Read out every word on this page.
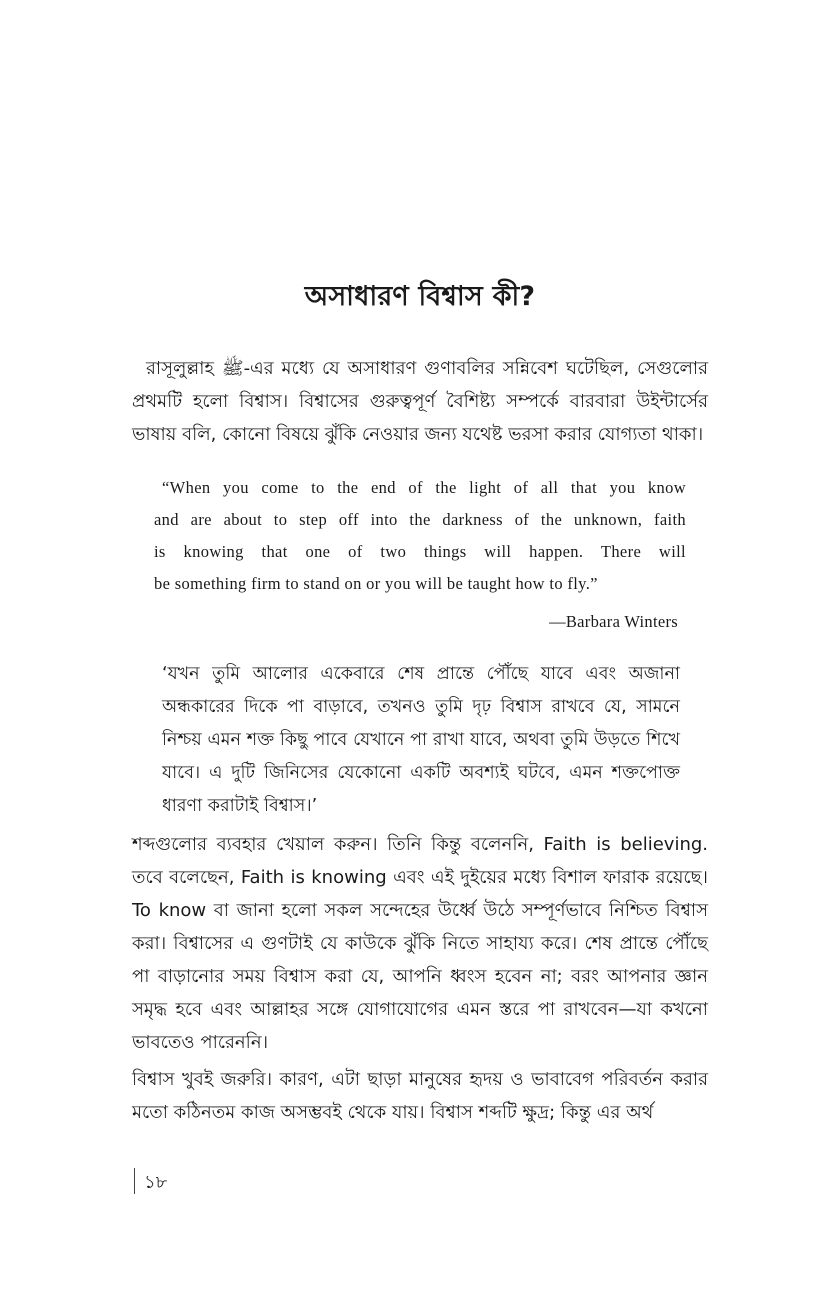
অসাধারণ বিশ্বাস কী?

রাসূলুল্লাহ ﷺ-এর মধ্যে যে অসাধারণ গুণাবলির সন্নিবেশ ঘটেছিল, সেগুলোর প্রথমটি হলো বিশ্বাস। বিশ্বাসের গুরুত্বপূর্ণ বৈশিষ্ট্য সম্পর্কে বারবারা উইন্টার্সের ভাষায় বলি, কোনো বিষয়ে ঝুঁকি নেওয়ার জন্য যথেষ্ট ভরসা করার যোগ্যতা থাকা।

“When you come to the end of the light of all that you know
and are about to step off into the darkness of the unknown, faith
is knowing that one of two things will happen. There will
be something firm to stand on or you will be taught how to fly.”

—Barbara Winters

‘যখন তুমি আলোর একেবারে শেষ প্রান্তে পৌঁছে যাবে এবং অজানা অন্ধকারের দিকে পা বাড়াবে, তখনও তুমি দৃঢ় বিশ্বাস রাখবে যে, সামনে নিশ্চয় এমন শক্ত কিছু পাবে যেখানে পা রাখা যাবে, অথবা তুমি উড়তে শিখে যাবে। এ দুটি জিনিসের যেকোনো একটি অবশ্যই ঘটবে, এমন শক্তপোক্ত ধারণা করাটাই বিশ্বাস।’

শব্দগুলোর ব্যবহার খেয়াল করুন। তিনি কিন্তু বলেননি, Faith is believing. তবে বলেছেন, Faith is knowing এবং এই দুইয়ের মধ্যে বিশাল ফারাক রয়েছে। To know বা জানা হলো সকল সন্দেহের উর্ধ্বে উঠে সম্পূর্ণভাবে নিশ্চিত বিশ্বাস করা। বিশ্বাসের এ গুণটাই যে কাউকে ঝুঁকি নিতে সাহায্য করে। শেষ প্রান্তে পৌঁছে পা বাড়ানোর সময় বিশ্বাস করা যে, আপনি ধ্বংস হবেন না; বরং আপনার জ্ঞান সমৃদ্ধ হবে এবং আল্লাহর সঙ্গে যোগাযোগের এমন স্তরে পা রাখবেন—যা কখনো ভাবতেও পারেননি।

বিশ্বাস খুবই জরুরি। কারণ, এটা ছাড়া মানুষের হৃদয় ও ভাবাবেগ পরিবর্তন করার মতো কঠিনতম কাজ অসম্ভবই থেকে যায়। বিশ্বাস শব্দটি ক্ষুদ্র; কিন্তু এর অর্থ

১৮
